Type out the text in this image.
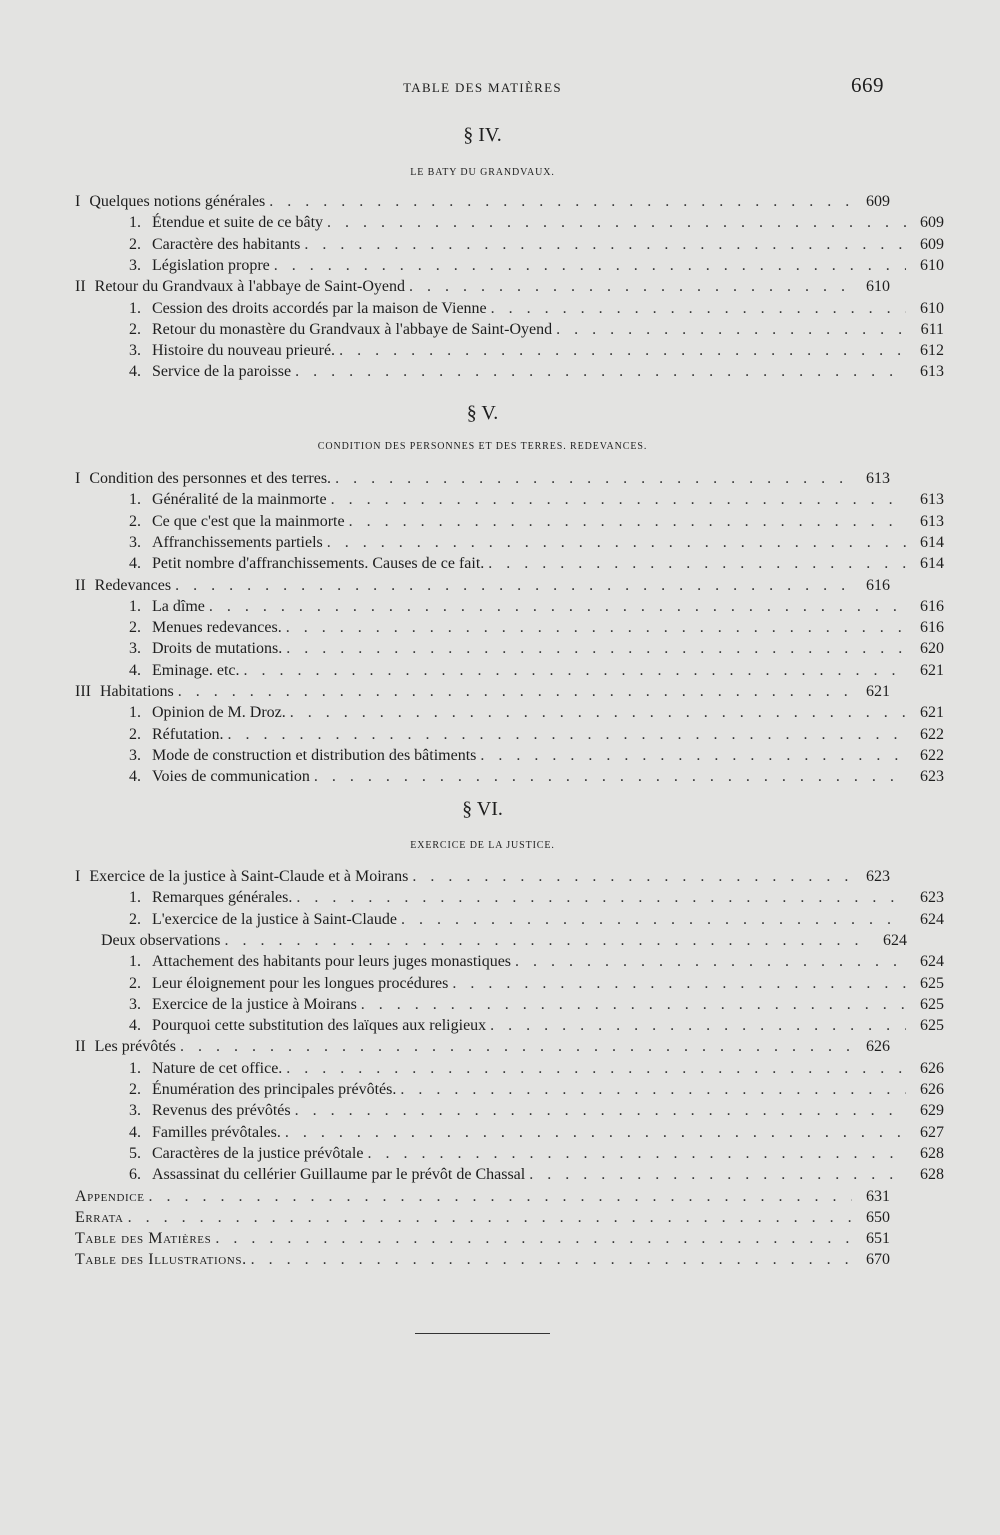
TABLE DES MATIÈRES	669
§ IV.
LE BATY DU GRANDVAUX.
I Quelques notions générales . . .	609
1. Étendue et suite de ce bâty . . .	609
2. Caractère des habitants . . .	609
3. Législation propre . . .	610
II Retour du Grandvaux à l'abbaye de Saint-Oyend . . .	610
1. Cession des droits accordés par la maison de Vienne . . .	610
2. Retour du monastère du Grandvaux à l'abbaye de Saint-Oyend . . .	611
3. Histoire du nouveau prieuré. . . .	612
4. Service de la paroisse . . .	613
§ V.
CONDITION DES PERSONNES ET DES TERRES. REDEVANCES.
I Condition des personnes et des terres. . . .	613
1. Généralité de la mainmorte . . .	613
2. Ce que c'est que la mainmorte . . .	613
3. Affranchissements partiels . . .	614
4. Petit nombre d'affranchissements. Causes de ce fait. . . .	614
II Redevances . . .	616
1. La dîme . . .	616
2. Menues redevances. . . .	616
3. Droits de mutations. . . .	620
4. Eminage. etc. . . .	621
III Habitations . . .	621
1. Opinion de M. Droz. . . .	621
2. Réfutation. . . .	622
3. Mode de construction et distribution des bâtiments . . .	622
4. Voies de communication . . .	623
§ VI.
EXERCICE DE LA JUSTICE.
I Exercice de la justice à Saint-Claude et à Moirans . . .	623
1. Remarques générales. . . .	623
2. L'exercice de la justice à Saint-Claude . . .	624
Deux observations . . .	624
1. Attachement des habitants pour leurs juges monastiques . . .	624
2. Leur éloignement pour les longues procédures . . .	625
3. Exercice de la justice à Moirans . . .	625
4. Pourquoi cette substitution des laïques aux religieux . . .	625
II Les prévôtés . . .	626
1. Nature de cet office. . . .	626
2. Énumération des principales prévôtés. . . .	626
3. Revenus des prévôtés . . .	629
4. Familles prévôtales. . . .	627
5. Caractères de la justice prévôtale . . .	628
6. Assassinat du cellérier Guillaume par le prévôt de Chassal . . .	628
Appendice . . .	631
Errata . . .	650
Table des Matières . . .	651
Table des Illustrations. . . .	670
